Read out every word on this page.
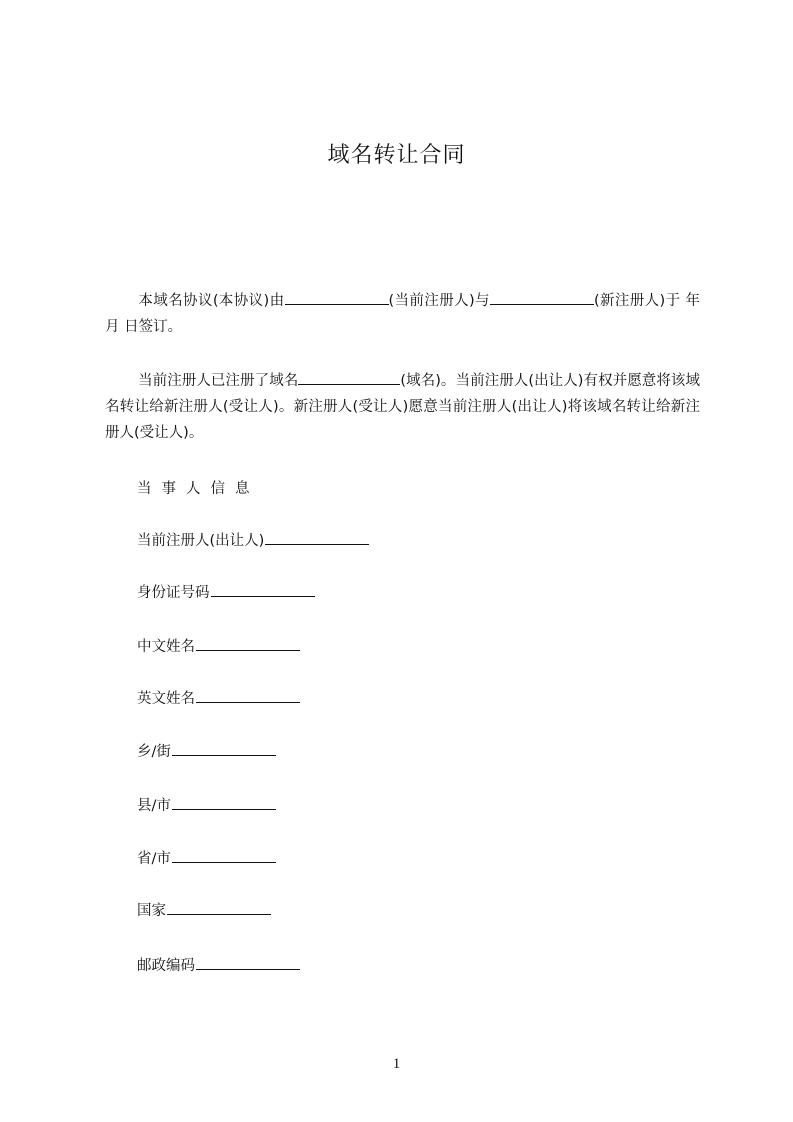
域名转让合同

本域名协议(本协议)由	(当前注册人)与	(新注册人)于 年 月 日签订。

当前注册人已注册了域名	(域名)。当前注册人(出让人)有权并愿意将该域名转让给新注册人(受让人)。新注册人(受让人)愿意当前注册人(出让人)将该域名转让给新注册人(受让人)。

当事人信息
当前注册人(出让人)
身份证号码
中文姓名
英文姓名
乡/街
县/市
省/市
国家
邮政编码
1
